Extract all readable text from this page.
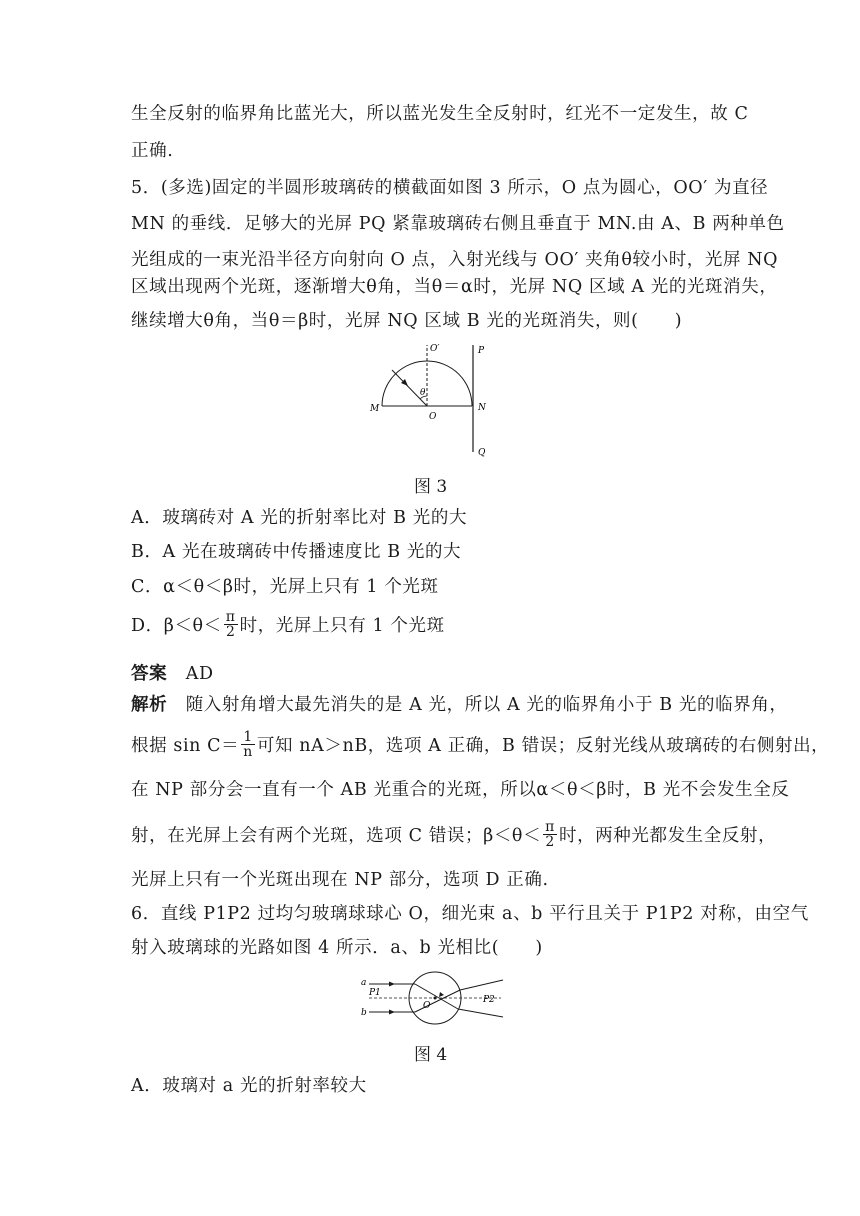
生全反射的临界角比蓝光大，所以蓝光发生全反射时，红光不一定发生，故 C
正确.
5．(多选)固定的半圆形玻璃砖的横截面如图 3 所示，O 点为圆心，OO′ 为直径
MN 的垂线．足够大的光屏 PQ 紧靠玻璃砖右侧且垂直于 MN.由 A、B 两种单色
光组成的一束光沿半径方向射向 O 点，入射光线与 OO′ 夹角θ较小时，光屏 NQ
区域出现两个光斑，逐渐增大θ角，当θ＝α时，光屏 NQ 区域 A 光的光斑消失，
继续增大θ角，当θ＝β时，光屏 NQ 区域 B 光的光斑消失，则(　　)
O′	P
θ
M
O
N
Q
图 3
A．玻璃砖对 A 光的折射率比对 B 光的大
B．A 光在玻璃砖中传播速度比 B 光的大
C．α＜θ＜β时，光屏上只有 1 个光斑
D．$\beta<\theta< \frac{\pi}{2}$ 时，光屏上只有 1 个光斑
答案 AD
解析 随入射角增大最先消失的是 A 光，所以 A 光的临界角小于 B 光的临界角，
根据 $\sin C= \frac{1}{n}$ 可知 nA＞nB，选项 A 正确，B 错误；反射光线从玻璃砖的右侧射出，
在 NP 部分会一直有一个 AB 光重合的光斑，所以α＜θ＜β时，B 光不会发生全反
射，在光屏上会有两个光斑，选项 C 错误；$\beta<\theta< \frac{\pi}{2}$ 时，两种光都发生全反射，
光屏上只有一个光斑出现在 NP 部分，选项 D 正确.
6．直线 P1P2 过均匀玻璃球球心 O，细光束 a、b 平行且关于 P1P2 对称，由空气
射入玻璃球的光路如图 4 所示．a、b 光相比(　　)
a
P1
O
P2
b
图 4
A．玻璃对 a 光的折射率较大
